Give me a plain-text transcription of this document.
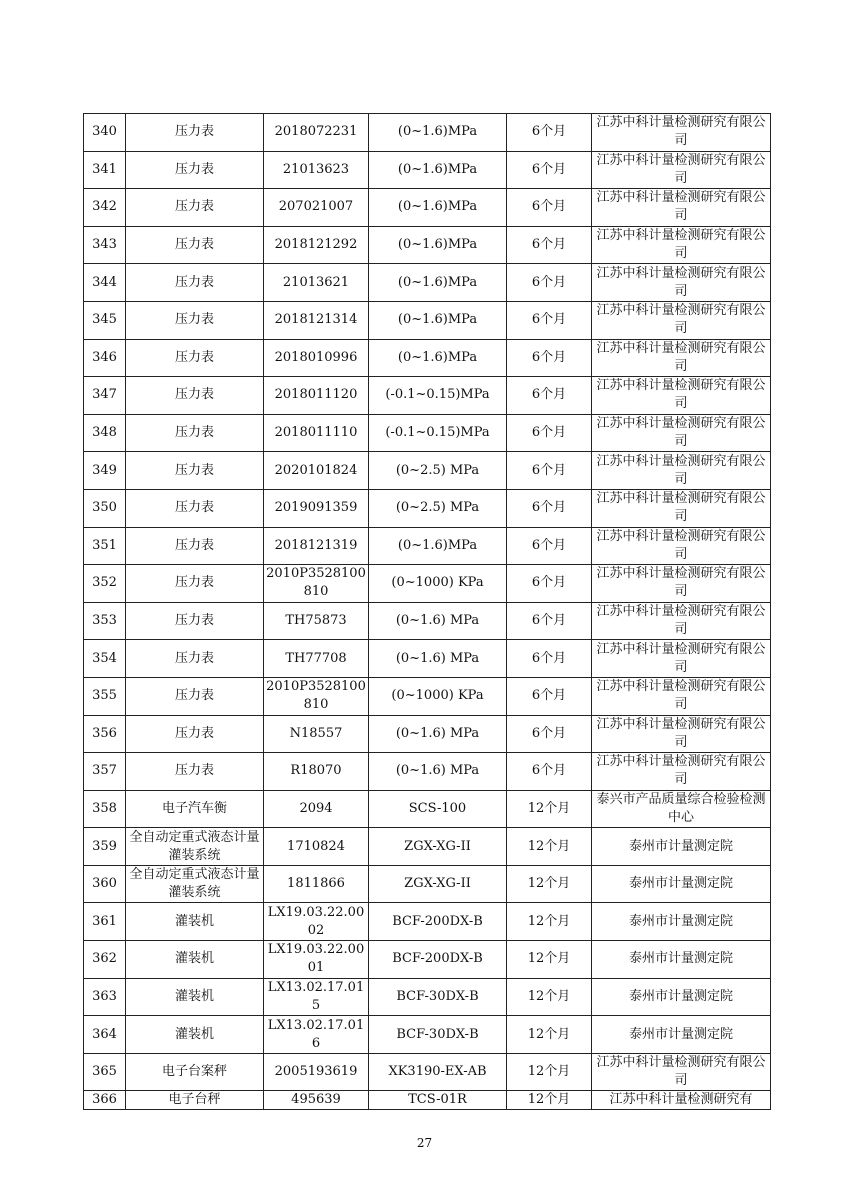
340	压力表	2018072231	(0~1.6)MPa	6个月	江苏中科计量检测研究有限公司
341	压力表	21013623	(0~1.6)MPa	6个月	江苏中科计量检测研究有限公司
342	压力表	207021007	(0~1.6)MPa	6个月	江苏中科计量检测研究有限公司
343	压力表	2018121292	(0~1.6)MPa	6个月	江苏中科计量检测研究有限公司
344	压力表	21013621	(0~1.6)MPa	6个月	江苏中科计量检测研究有限公司
345	压力表	2018121314	(0~1.6)MPa	6个月	江苏中科计量检测研究有限公司
346	压力表	2018010996	(0~1.6)MPa	6个月	江苏中科计量检测研究有限公司
347	压力表	2018011120	(-0.1~0.15)MPa	6个月	江苏中科计量检测研究有限公司
348	压力表	2018011110	(-0.1~0.15)MPa	6个月	江苏中科计量检测研究有限公司
349	压力表	2020101824	(0~2.5) MPa	6个月	江苏中科计量检测研究有限公司
350	压力表	2019091359	(0~2.5) MPa	6个月	江苏中科计量检测研究有限公司
351	压力表	2018121319	(0~1.6)MPa	6个月	江苏中科计量检测研究有限公司
352	压力表	2010P3528100810	(0~1000) KPa	6个月	江苏中科计量检测研究有限公司
353	压力表	TH75873	(0~1.6) MPa	6个月	江苏中科计量检测研究有限公司
354	压力表	TH77708	(0~1.6) MPa	6个月	江苏中科计量检测研究有限公司
355	压力表	2010P3528100810	(0~1000) KPa	6个月	江苏中科计量检测研究有限公司
356	压力表	N18557	(0~1.6) MPa	6个月	江苏中科计量检测研究有限公司
357	压力表	R18070	(0~1.6) MPa	6个月	江苏中科计量检测研究有限公司
358	电子汽车衡	2094	SCS-100	12个月	泰兴市产品质量综合检验检测中心
359	全自动定重式液态计量灌装系统	1710824	ZGX-XG-II	12个月	泰州市计量测定院
360	全自动定重式液态计量灌装系统	1811866	ZGX-XG-II	12个月	泰州市计量测定院
361	灌装机	LX19.03.22.0002	BCF-200DX-B	12个月	泰州市计量测定院
362	灌装机	LX19.03.22.0001	BCF-200DX-B	12个月	泰州市计量测定院
363	灌装机	LX13.02.17.015	BCF-30DX-B	12个月	泰州市计量测定院
364	灌装机	LX13.02.17.016	BCF-30DX-B	12个月	泰州市计量测定院
365	电子台案秤	2005193619	XK3190-EX-AB	12个月	江苏中科计量检测研究有限公司
366	电子台秤	495639	TCS-01R	12个月	江苏中科计量检测研究有
27
